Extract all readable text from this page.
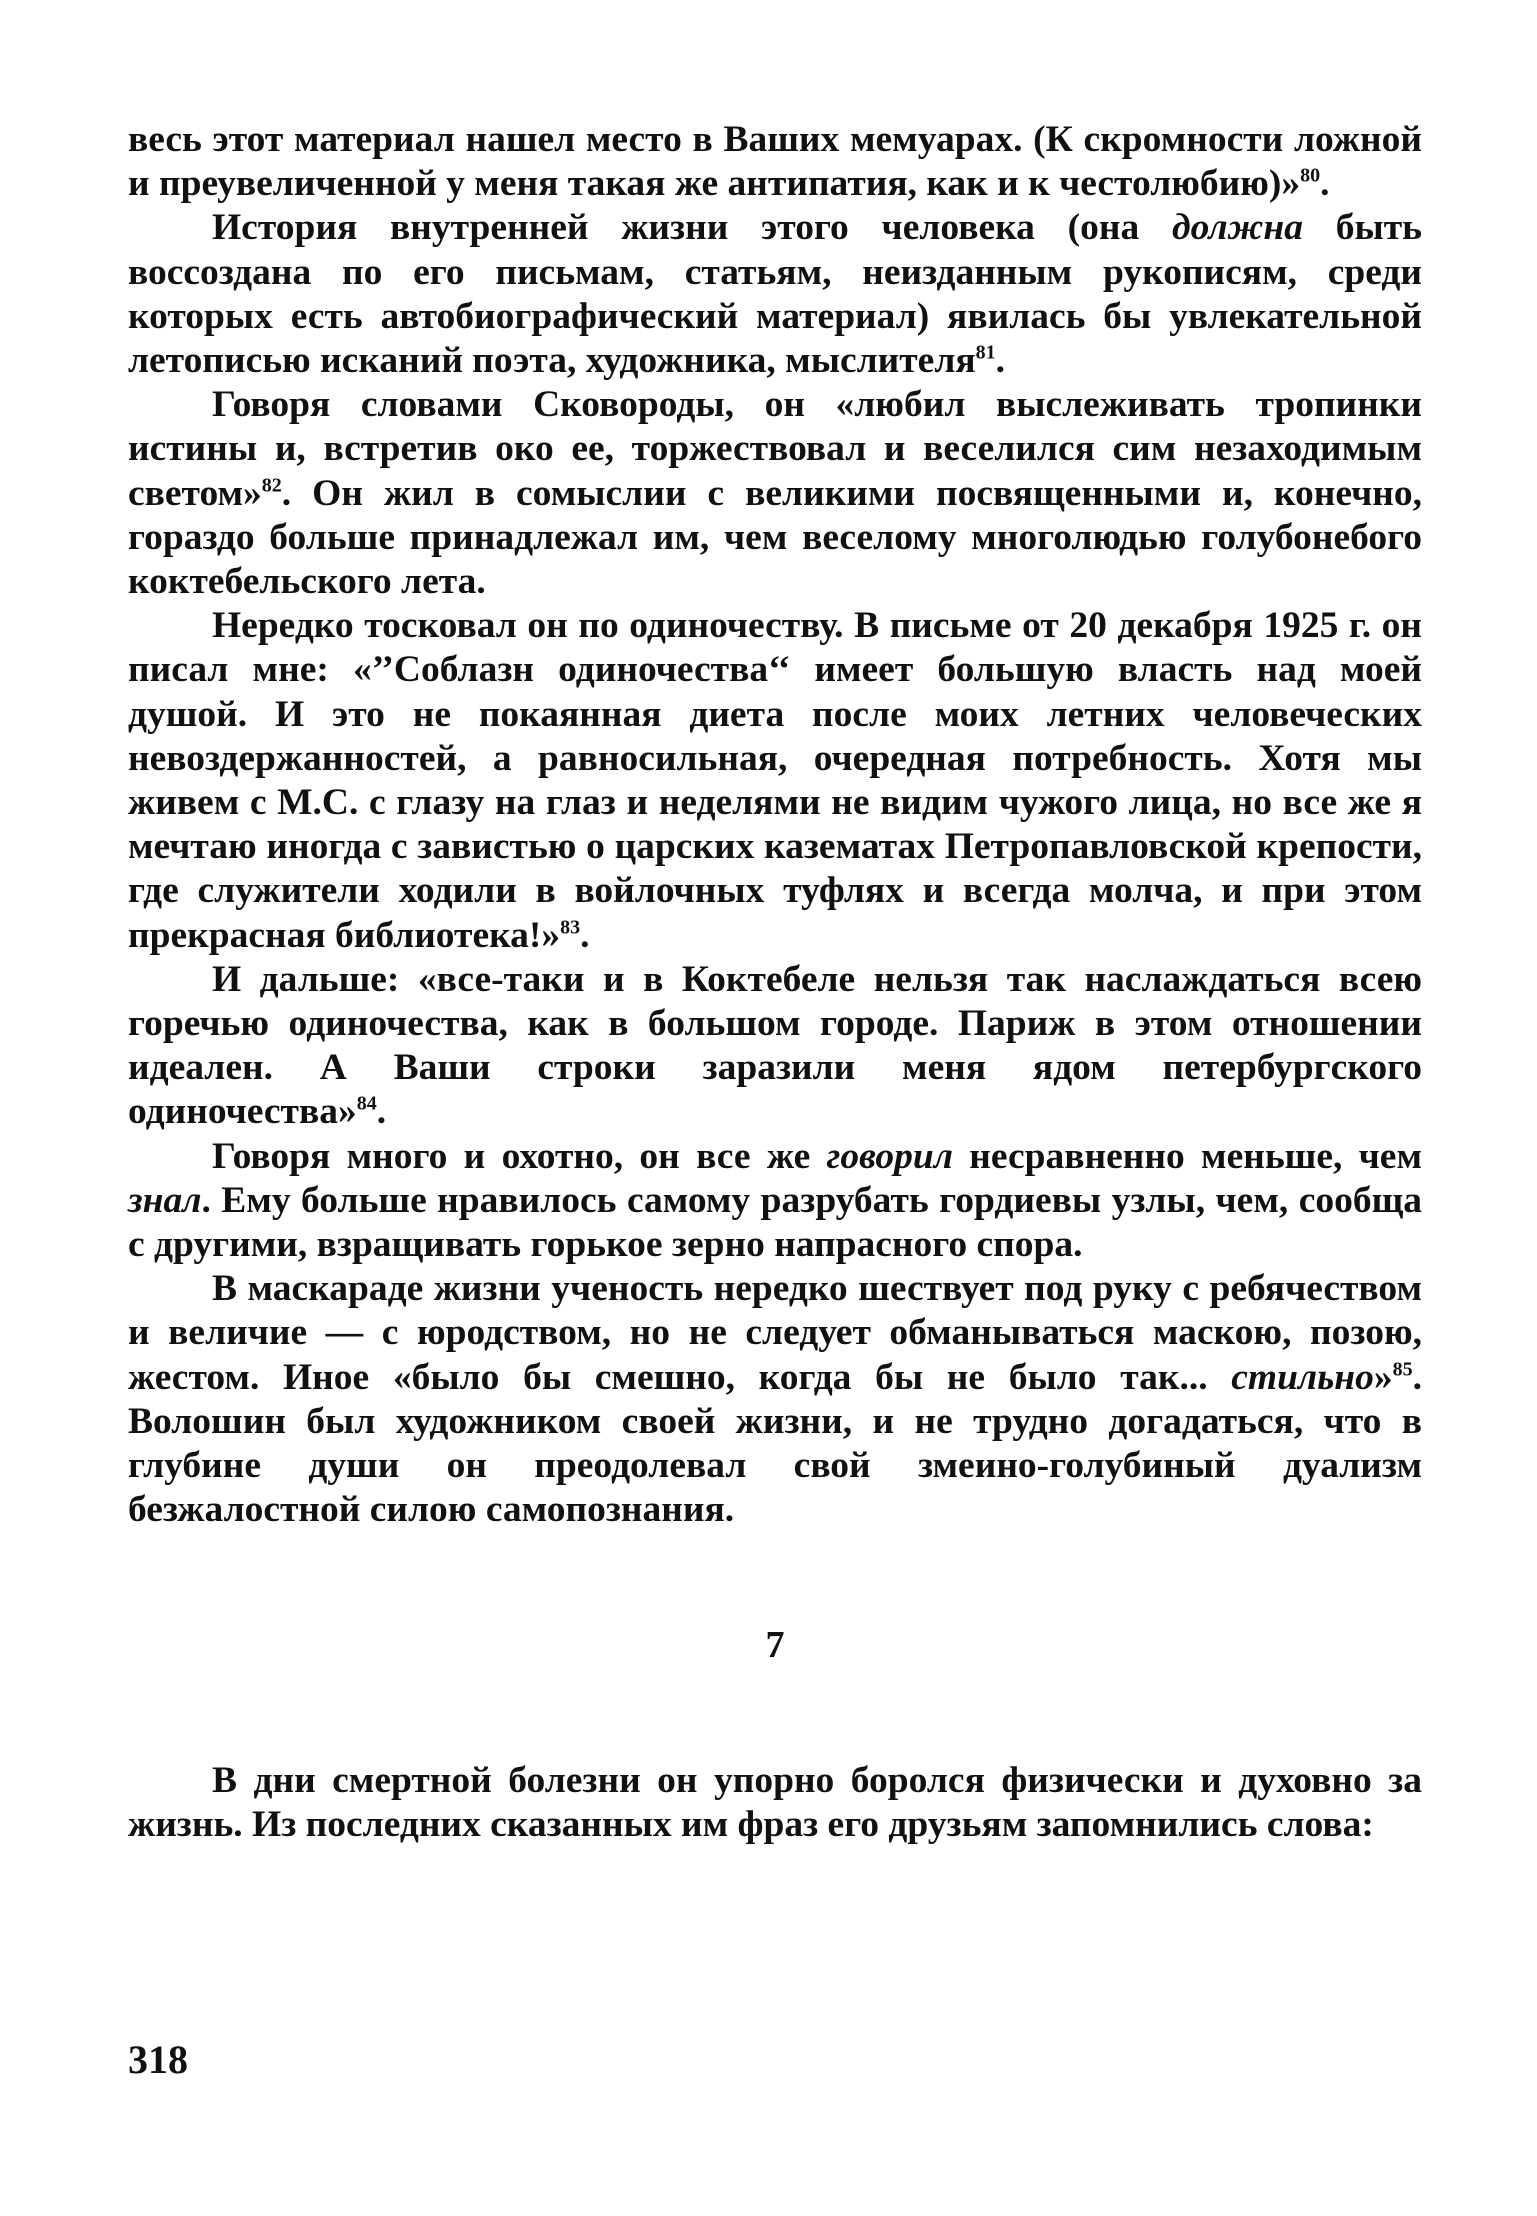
весь этот материал нашел место в Ваших мемуарах. (К скромности ложной и преувеличенной у меня такая же антипатия, как и к честолюбию)»$^{80}$.

История внутренней жизни этого человека (она должна быть воссоздана по его письмам, статьям, неизданным рукописям, среди которых есть автобиографический материал) явилась бы увлекательной летописью исканий поэта, художника, мыслителя$^{81}$.

Говоря словами Сковороды, он «любил выслеживать тропинки истины и, встретив око ее, торжествовал и веселился сим незаходимым светом»$^{82}$. Он жил в сомыслии с великими посвященными и, конечно, гораздо больше принадлежал им, чем веселому многолюдью голубонебого коктебельского лета.

Нередко тосковал он по одиночеству. В письме от 20 декабря 1925 г. он писал мне: «’’Соблазн одиночества‘‘ имеет большую власть над моей душой. И это не покаянная диета после моих летних человеческих невоздержанностей, а равносильная, очередная потребность. Хотя мы живем с М.С. с глазу на глаз и неделями не видим чужого лица, но все же я мечтаю иногда с завистью о царских казематах Петропавловской крепости, где служители ходили в войлочных туфлях и всегда молча, и при этом прекрасная библиотека!»$^{83}$.

И дальше: «все-таки и в Коктебеле нельзя так наслаждаться всею горечью одиночества, как в большом городе. Париж в этом отношении идеален. А Ваши строки заразили меня ядом петербургского одиночества»$^{84}$.

Говоря много и охотно, он все же говорил несравненно меньше, чем знал. Ему больше нравилось самому разрубать гордиевы узлы, чем, сообща с другими, взращивать горькое зерно напрасного спора.

В маскараде жизни ученость нередко шествует под руку с ребячеством и величие — с юродством, но не следует обманываться маскою, позою, жестом. Иное «было бы смешно, когда бы не было так... стильно»$^{85}$. Волошин был художником своей жизни, и не трудно догадаться, что в глубине души он преодолевал свой змеино-голубиный дуализм безжалостной силою самопознания.

7

В дни смертной болезни он упорно боролся физически и духовно за жизнь. Из последних сказанных им фраз его друзьям запомнились слова:

318
